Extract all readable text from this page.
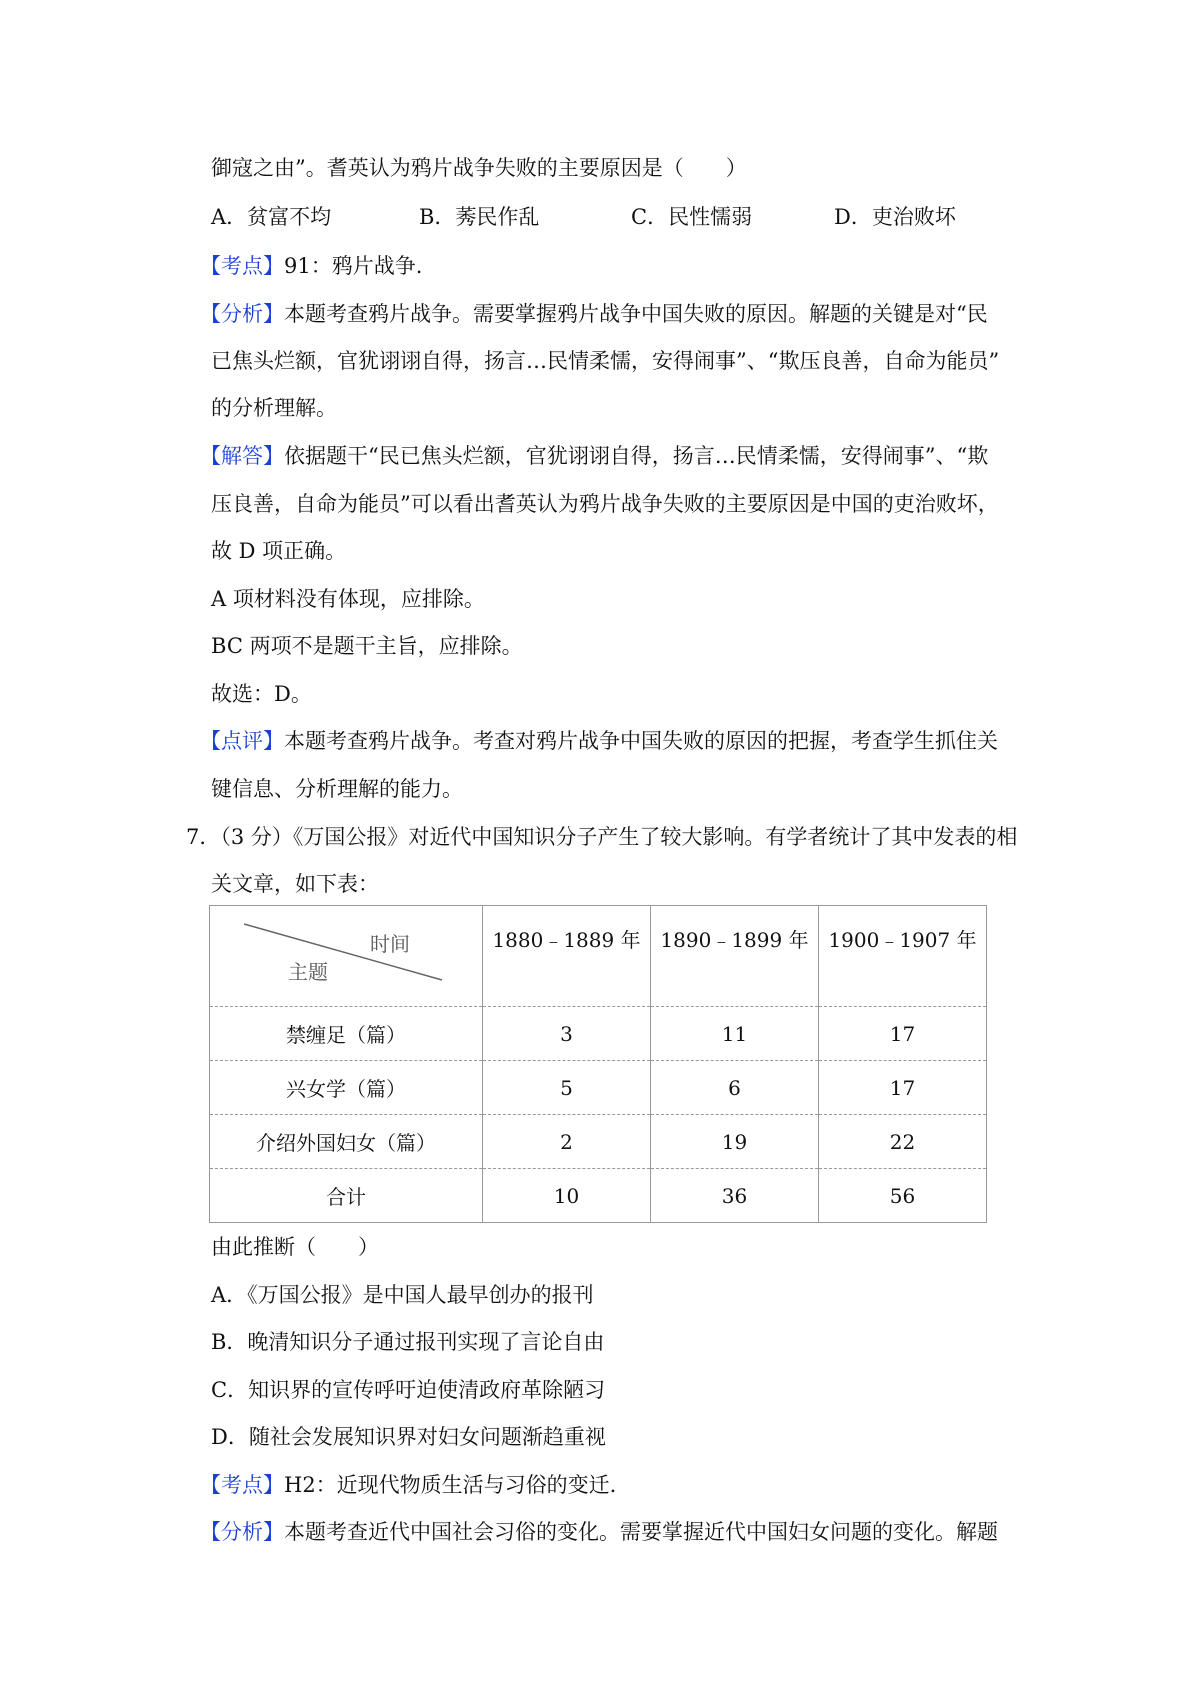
御寇之由”。耆英认为鸦片战争失败的主要原因是（　　）
A．贫富不均	B．莠民作乱	C．民性懦弱	D．吏治败坏
【考点】91：鸦片战争.
【分析】本题考查鸦片战争。需要掌握鸦片战争中国失败的原因。解题的关键是对“民
已焦头烂额，官犹诩诩自得，扬言…民情柔懦，安得闹事”、“欺压良善，自命为能员”
的分析理解。
【解答】依据题干“民已焦头烂额，官犹诩诩自得，扬言…民情柔懦，安得闹事”、“欺
压良善，自命为能员”可以看出耆英认为鸦片战争失败的主要原因是中国的吏治败坏，
故 D 项正确。
A 项材料没有体现，应排除。
BC 两项不是题干主旨，应排除。
故选：D。
【点评】本题考查鸦片战争。考查对鸦片战争中国失败的原因的把握，考查学生抓住关
键信息、分析理解的能力。
7．（3 分）《万国公报》对近代中国知识分子产生了较大影响。有学者统计了其中发表的相
关文章，如下表：
时间
主题	1880﹣1889 年	1890﹣1899 年	1900﹣1907 年
禁缠足（篇）	3	11	17
兴女学（篇）	5	6	17
介绍外国妇女（篇）	2	19	22
合计	10	36	56
由此推断（　　）
A．《万国公报》是中国人最早创办的报刊
B．晚清知识分子通过报刊实现了言论自由
C．知识界的宣传呼吁迫使清政府革除陋习
D．随社会发展知识界对妇女问题渐趋重视
【考点】H2：近现代物质生活与习俗的变迁.
【分析】本题考查近代中国社会习俗的变化。需要掌握近代中国妇女问题的变化。解题
